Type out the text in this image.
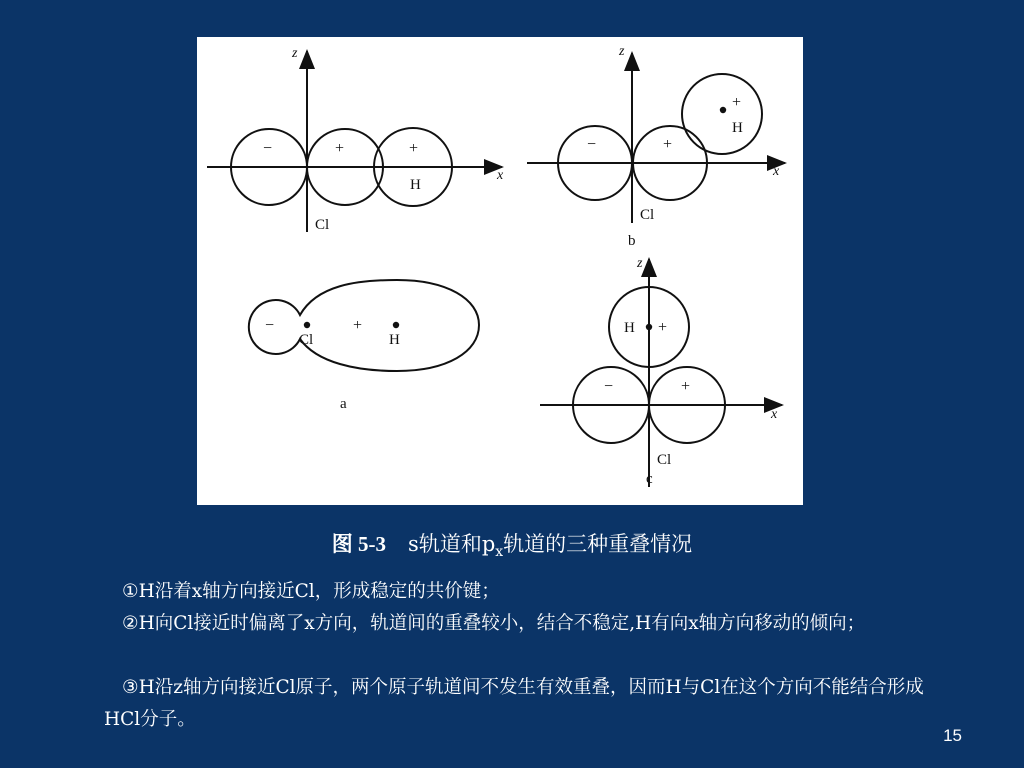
z
x
−	+	+
H
Cl
z
x
−	+
+
H
Cl
b
−	+
Cl	H
a
z
x
−	+
H +
Cl
c
图 5-3 s轨道和$p_x$轨道的三种重叠情况
①H沿着x轴方向接近Cl，形成稳定的共价键；
②H向Cl接近时偏离了x方向，轨道间的重叠较小，结合不稳定,H有向x轴方向移动的倾向；
③H沿z轴方向接近Cl原子，两个原子轨道间不发生有效重叠，因而H与Cl在这个方向不能结合形成HCl分子。
15
